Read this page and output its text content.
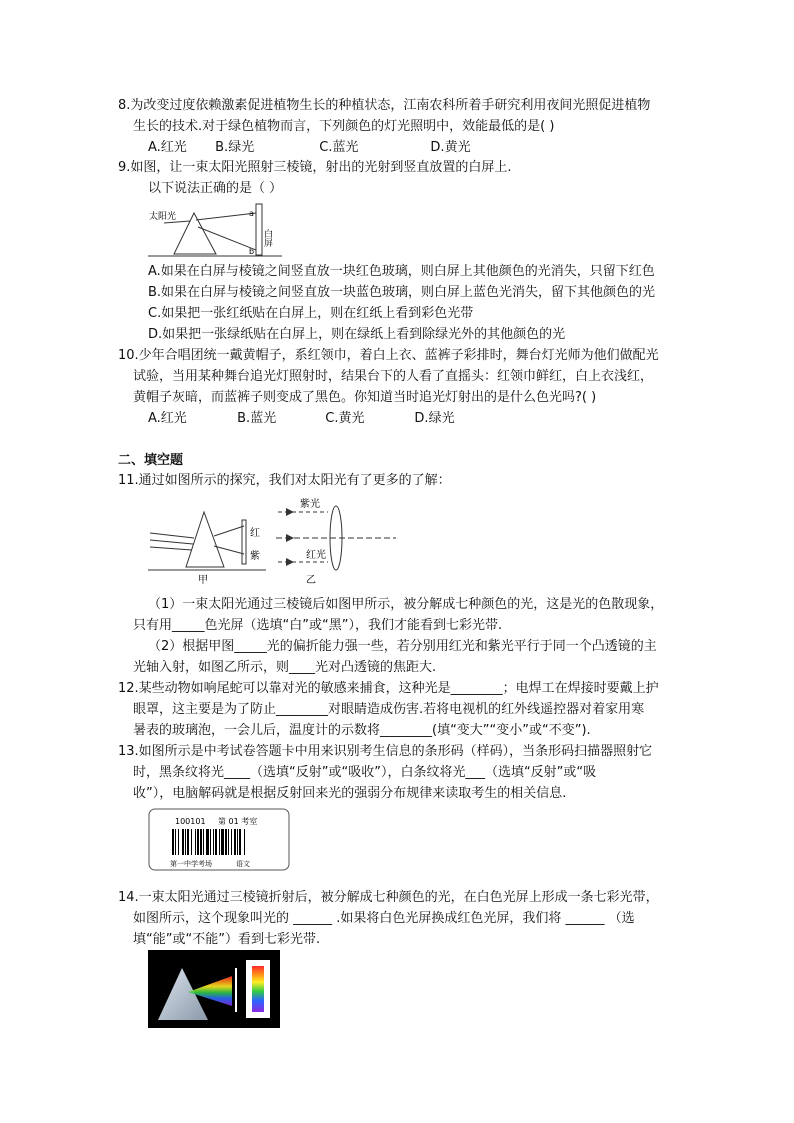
8.为改变过度依赖激素促进植物生长的种植状态，江南农科所着手研究利用夜间光照促进植物
生长的技术.对于绿色植物而言，下列颜色的灯光照明中，效能最低的是( )
A.红光 B.绿光	C.蓝光	D.黄光
9.如图，让一束太阳光照射三棱镜，射出的光射到竖直放置的白屏上.
以下说法正确的是（ ）
太阳光	a
b
白屏
A.如果在白屏与棱镜之间竖直放一块红色玻璃，则白屏上其他颜色的光消失，只留下红色
B.如果在白屏与棱镜之间竖直放一块蓝色玻璃，则白屏上蓝色光消失，留下其他颜色的光
C.如果把一张红纸贴在白屏上，则在红纸上看到彩色光带
D.如果把一张绿纸贴在白屏上，则在绿纸上看到除绿光外的其他颜色的光
10.少年合唱团统一戴黄帽子，系红领巾，着白上衣、蓝裤子彩排时，舞台灯光师为他们做配光
试验，当用某种舞台追光灯照射时，结果台下的人看了直摇头：红领巾鲜红，白上衣浅红，
黄帽子灰暗，而蓝裤子则变成了黑色。你知道当时追光灯射出的是什么色光吗?( )
A.红光	B.蓝光	C.黄光	D.绿光
二、填空题
11.通过如图所示的探究，我们对太阳光有了更多的了解：
红
紫
甲
紫光
红光
乙
（1）一束太阳光通过三棱镜后如图甲所示，被分解成七种颜色的光，这是光的色散现象，
只有用_____色光屏（选填“白”或“黑”），我们才能看到七彩光带.
（2）根据甲图_____光的偏折能力强一些，若分别用红光和紫光平行于同一个凸透镜的主
光轴入射，如图乙所示，则____光对凸透镜的焦距大.
12.某些动物如响尾蛇可以靠对光的敏感来捕食，这种光是________；电焊工在焊接时要戴上护
眼罩，这主要是为了防止________对眼睛造成伤害.若将电视机的红外线遥控器对着家用寒
暑表的玻璃泡，一会儿后，温度计的示数将________(填“变大”“变小”或“不变”).
13.如图所示是中考试卷答题卡中用来识别考生信息的条形码（样码），当条形码扫描器照射它
时，黑条纹将光____（选填“反射”或“吸收”），白条纹将光___（选填“反射”或“吸
收”），电脑解码就是根据反射回来光的强弱分布规律来读取考生的相关信息.
100101 第 01 考室
第一中学考场	语文
14.一束太阳光通过三棱镜折射后，被分解成七种颜色的光，在白色光屏上形成一条七彩光带，
如图所示，这个现象叫光的 ______ .如果将白色光屏换成红色光屏，我们将 ______ （选
填“能”或“不能”）看到七彩光带.
